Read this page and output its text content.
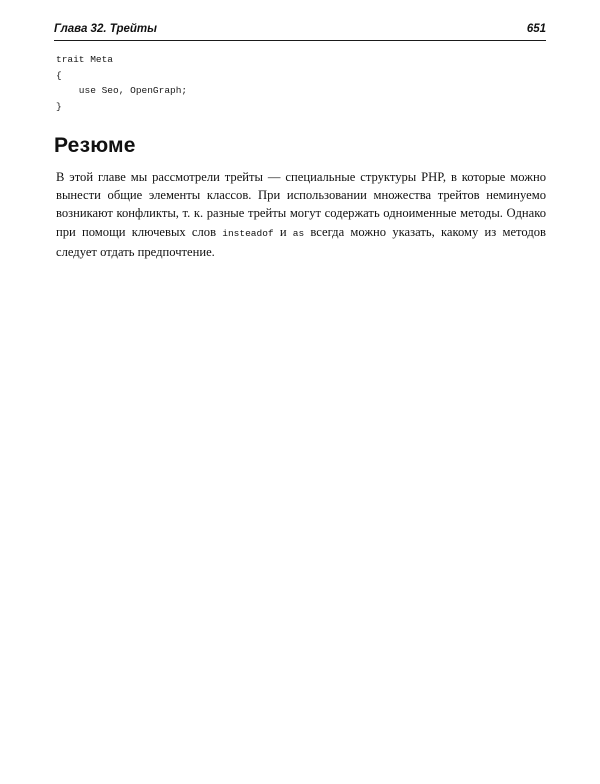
Глава 32. Трейты	651
trait Meta
{
use Seo, OpenGraph;
}
Резюме

В этой главе мы рассмотрели трейты — специальные структуры PHP, в которые можно вынести общие элементы классов. При использовании множества трейтов неминуемо возникают конфликты, т. к. разные трейты могут содержать одноименные методы. Однако при помощи ключевых слов insteadof и as всегда можно указать, какому из методов следует отдать предпочтение.
